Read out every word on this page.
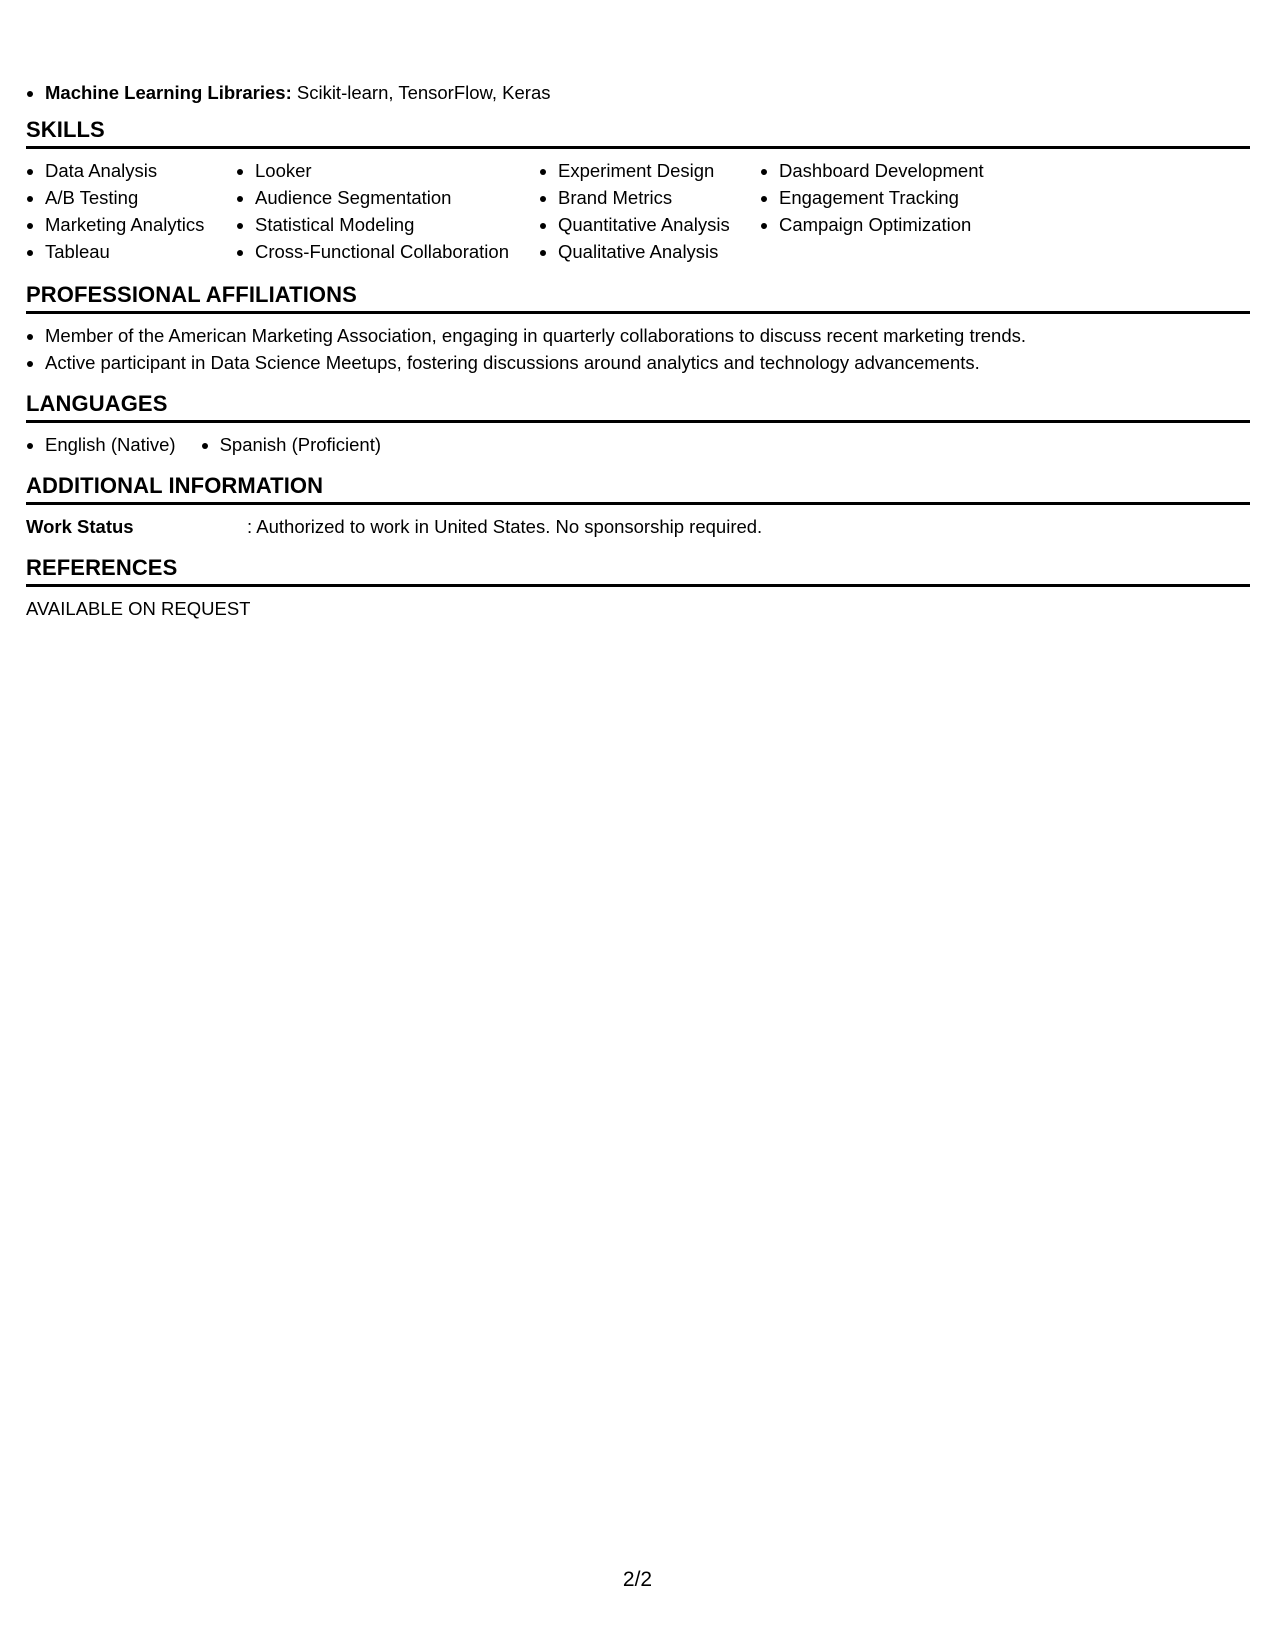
• Machine Learning Libraries: Scikit-learn, TensorFlow, Keras
SKILLS
• Data Analysis
• A/B Testing
• Marketing Analytics
• Tableau
• Looker
• Audience Segmentation
• Statistical Modeling
• Cross-Functional Collaboration
• Experiment Design
• Brand Metrics
• Quantitative Analysis
• Qualitative Analysis
• Dashboard Development
• Engagement Tracking
• Campaign Optimization
PROFESSIONAL AFFILIATIONS
• Member of the American Marketing Association, engaging in quarterly collaborations to discuss recent marketing trends.
• Active participant in Data Science Meetups, fostering discussions around analytics and technology advancements.
LANGUAGES
• English (Native)
• Spanish (Proficient)
ADDITIONAL INFORMATION
Work Status	: Authorized to work in United States. No sponsorship required.
REFERENCES
AVAILABLE ON REQUEST
2/2
